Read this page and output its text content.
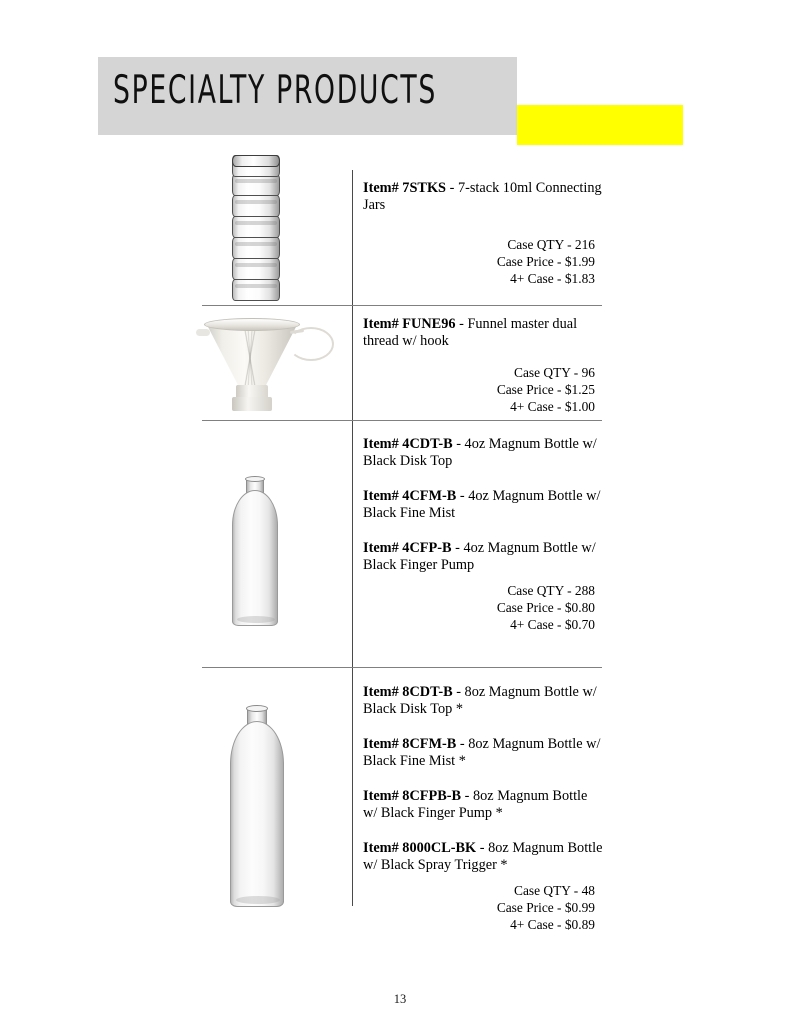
SPECIALTY PRODUCTS
Item# 7STKS - 7-stack 10ml Connecting Jars
Case QTY - 216
Case Price - $1.99
4+ Case - $1.83
Item# FUNE96 - Funnel master dual thread w/ hook
Case QTY - 96
Case Price - $1.25
4+ Case - $1.00
Item# 4CDT-B - 4oz Magnum Bottle w/ Black Disk Top
Item# 4CFM-B - 4oz Magnum Bottle w/ Black Fine Mist
Item# 4CFP-B - 4oz Magnum Bottle w/ Black Finger Pump
Case QTY - 288
Case Price - $0.80
4+ Case - $0.70
Item# 8CDT-B - 8oz Magnum Bottle w/ Black Disk Top *
Item# 8CFM-B - 8oz Magnum Bottle w/ Black Fine Mist *
Item# 8CFPB-B - 8oz Magnum Bottle w/ Black Finger Pump *
Item# 8000CL-BK - 8oz Magnum Bottle w/ Black Spray Trigger *
Case QTY - 48
Case Price - $0.99
4+ Case - $0.89
13
